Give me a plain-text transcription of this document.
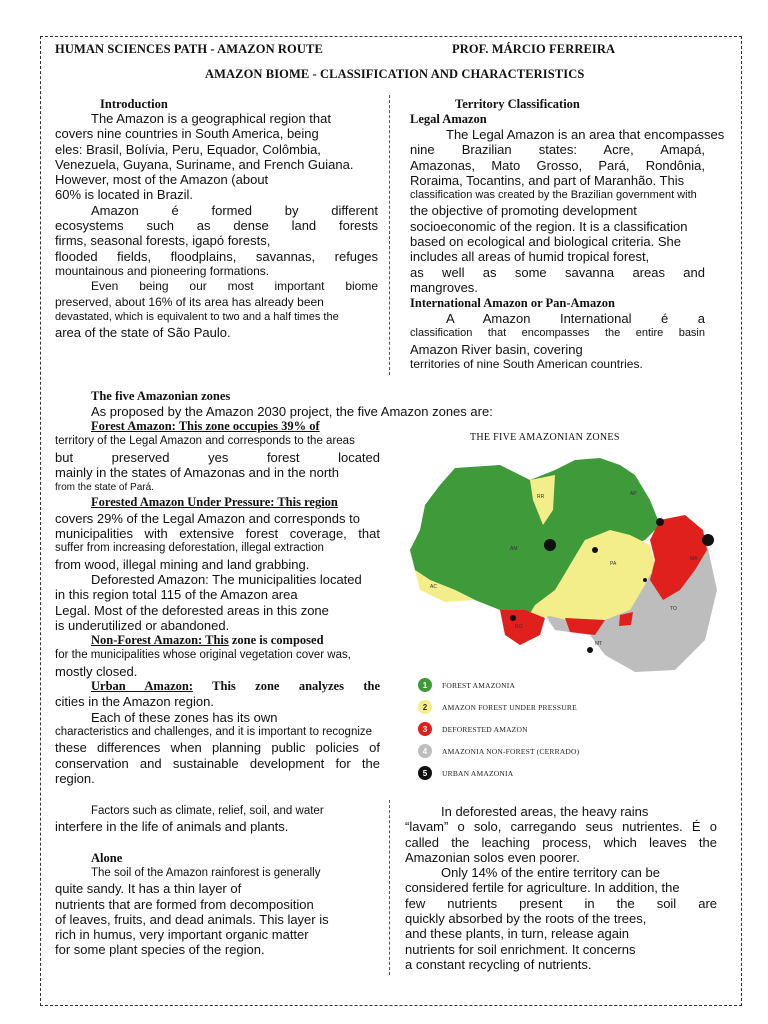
HUMAN SCIENCES PATH - AMAZON ROUTE	PROF. MÁRCIO FERREIRA
AMAZON BIOME - CLASSIFICATION AND CHARACTERISTICS
Introduction
The Amazon is a geographical region that
covers nine countries in South America, being
eles: Brasil, Bolívia, Peru, Equador, Colômbia,
Venezuela, Guyana, Suriname, and French Guiana.
However, most of the Amazon (about
60% is located in Brazil.
Amazon é formed by different
ecosystems such as dense land forests
firms, seasonal forests, igapó forests,
flooded fields, floodplains, savannas, refuges
mountainous and pioneering formations.
Even being our most important biome
preserved, about 16% of its area has already been
devastated, which is equivalent to two and a half times the
area of the state of São Paulo.
Territory Classification
Legal Amazon
The Legal Amazon is an area that encompasses
nine Brazilian states: Acre, Amapá,
Amazonas, Mato Grosso, Pará, Rondônia,
Roraima, Tocantins, and part of Maranhão. This
classification was created by the Brazilian government with
the objective of promoting development
socioeconomic of the region. It is a classification
based on ecological and biological criteria. She
includes all areas of humid tropical forest,
as well as some savanna areas and
mangroves.
International Amazon or Pan-Amazon
A Amazon International é a
classification that encompasses the entire basin
Amazon River basin, covering
territories of nine South American countries.
The five Amazonian zones
As proposed by the Amazon 2030 project, the five Amazon zones are:
Forest Amazon: This zone occupies 39% of
territory of the Legal Amazon and corresponds to the areas
but preserved yes forest located
mainly in the states of Amazonas and in the north
from the state of Pará.
Forested Amazon Under Pressure: This region
covers 29% of the Legal Amazon and corresponds to
municipalities with extensive forest coverage, that
suffer from increasing deforestation, illegal extraction
from wood, illegal mining and land grabbing.
Deforested Amazon: The municipalities located
in this region total 115 of the Amazon area
Legal. Most of the deforested areas in this zone
is underutilized or abandoned.
Non-Forest Amazon: This zone is composed
for the municipalities whose original vegetation cover was,
mostly closed.
Urban Amazon: This zone analyzes the
cities in the Amazon region.
Each of these zones has its own
characteristics and challenges, and it is important to recognize
these differences when planning public policies of
conservation and sustainable development for the
region.
THE FIVE AMAZONIAN ZONES
RR	AP
AM
PA
MA
AC
RO
MT
TO
1	FOREST AMAZONIA
2	AMAZON FOREST UNDER PRESSURE
3	DEFORESTED AMAZON
4	AMAZONIA NON-FOREST (CERRADO)
5	URBAN AMAZONIA
Factors such as climate, relief, soil, and water
interfere in the life of animals and plants.
Alone
The soil of the Amazon rainforest is generally
quite sandy. It has a thin layer of
nutrients that are formed from decomposition
of leaves, fruits, and dead animals. This layer is
rich in humus, very important organic matter
for some plant species of the region.
In deforested areas, the heavy rains
“lavam” o solo, carregando seus nutrientes. É o
called the leaching process, which leaves the
Amazonian solos even poorer.
Only 14% of the entire territory can be
considered fertile for agriculture. In addition, the
few nutrients present in the soil are
quickly absorbed by the roots of the trees,
and these plants, in turn, release again
nutrients for soil enrichment. It concerns
a constant recycling of nutrients.
